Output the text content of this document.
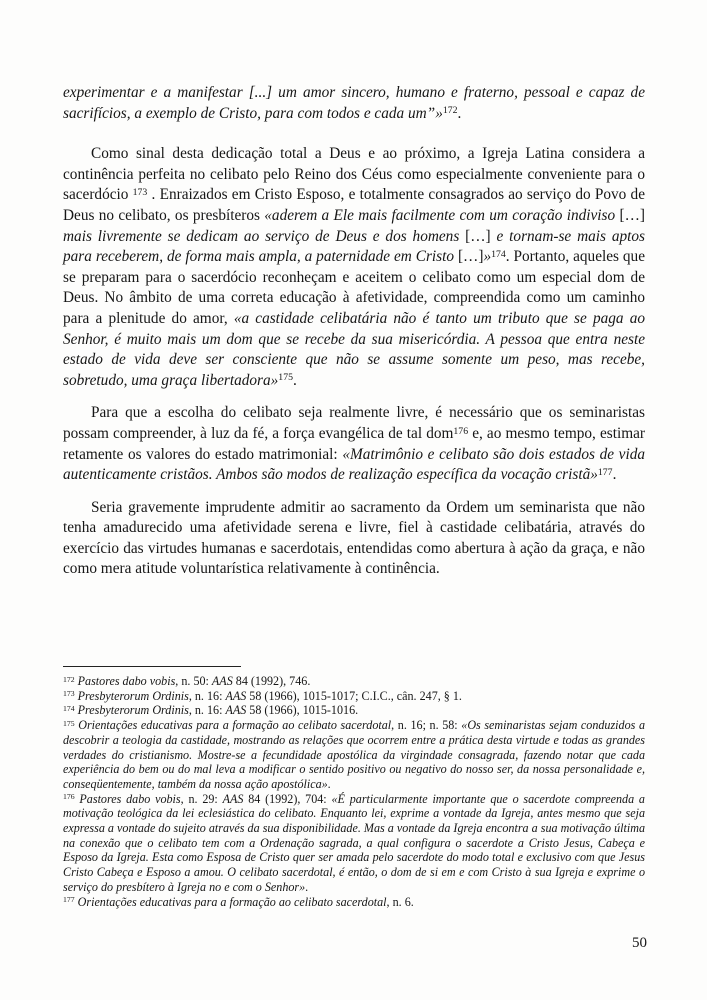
experimentar e a manifestar [...] um amor sincero, humano e fraterno, pessoal e capaz de sacrifícios, a exemplo de Cristo, para com todos e cada um”»$^{172}$.

Como sinal desta dedicação total a Deus e ao próximo, a Igreja Latina considera a continência perfeita no celibato pelo Reino dos Céus como especialmente conveniente para o sacerdócio $^{173}$ . Enraizados em Cristo Esposo, e totalmente consagrados ao serviço do Povo de Deus no celibato, os presbíteros «aderem a Ele mais facilmente com um coração indiviso […] mais livremente se dedicam ao serviço de Deus e dos homens […] e tornam-se mais aptos para receberem, de forma mais ampla, a paternidade em Cristo […]»$^{174}$. Portanto, aqueles que se preparam para o sacerdócio reconheçam e aceitem o celibato como um especial dom de Deus. No âmbito de uma correta educação à afetividade, compreendida como um caminho para a plenitude do amor, «a castidade celibatária não é tanto um tributo que se paga ao Senhor, é muito mais um dom que se recebe da sua misericórdia. A pessoa que entra neste estado de vida deve ser consciente que não se assume somente um peso, mas recebe, sobretudo, uma graça libertadora»$^{175}$.

Para que a escolha do celibato seja realmente livre, é necessário que os seminaristas possam compreender, à luz da fé, a força evangélica de tal dom$^{176}$ e, ao mesmo tempo, estimar retamente os valores do estado matrimonial: «Matrimônio e celibato são dois estados de vida autenticamente cristãos. Ambos são modos de realização específica da vocação cristã»$^{177}$.

Seria gravemente imprudente admitir ao sacramento da Ordem um seminarista que não tenha amadurecido uma afetividade serena e livre, fiel à castidade celibatária, através do exercício das virtudes humanas e sacerdotais, entendidas como abertura à ação da graça, e não como mera atitude voluntarística relativamente à continência.

$^{172}$ Pastores dabo vobis, n. 50: AAS 84 (1992), 746.

$^{173}$ Presbyterorum Ordinis, n. 16: AAS 58 (1966), 1015-1017; C.I.C., cân. 247, § 1.

$^{174}$ Presbyterorum Ordinis, n. 16: AAS 58 (1966), 1015-1016.

$^{175}$ Orientações educativas para a formação ao celibato sacerdotal, n. 16; n. 58: «Os seminaristas sejam conduzidos a descobrir a teologia da castidade, mostrando as relações que ocorrem entre a prática desta virtude e todas as grandes verdades do cristianismo. Mostre-se a fecundidade apostólica da virgindade consagrada, fazendo notar que cada experiência do bem ou do mal leva a modificar o sentido positivo ou negativo do nosso ser, da nossa personalidade e, conseqüentemente, também da nossa ação apostólica».

$^{176}$ Pastores dabo vobis, n. 29: AAS 84 (1992), 704: «É particularmente importante que o sacerdote compreenda a motivação teológica da lei eclesiástica do celibato. Enquanto lei, exprime a vontade da Igreja, antes mesmo que seja expressa a vontade do sujeito através da sua disponibilidade. Mas a vontade da Igreja encontra a sua motivação última na conexão que o celibato tem com a Ordenação sagrada, a qual configura o sacerdote a Cristo Jesus, Cabeça e Esposo da Igreja. Esta como Esposa de Cristo quer ser amada pelo sacerdote do modo total e exclusivo com que Jesus Cristo Cabeça e Esposo a amou. O celibato sacerdotal, é então, o dom de si em e com Cristo à sua Igreja e exprime o serviço do presbítero à Igreja no e com o Senhor».

$^{177}$ Orientações educativas para a formação ao celibato sacerdotal, n. 6.

50
